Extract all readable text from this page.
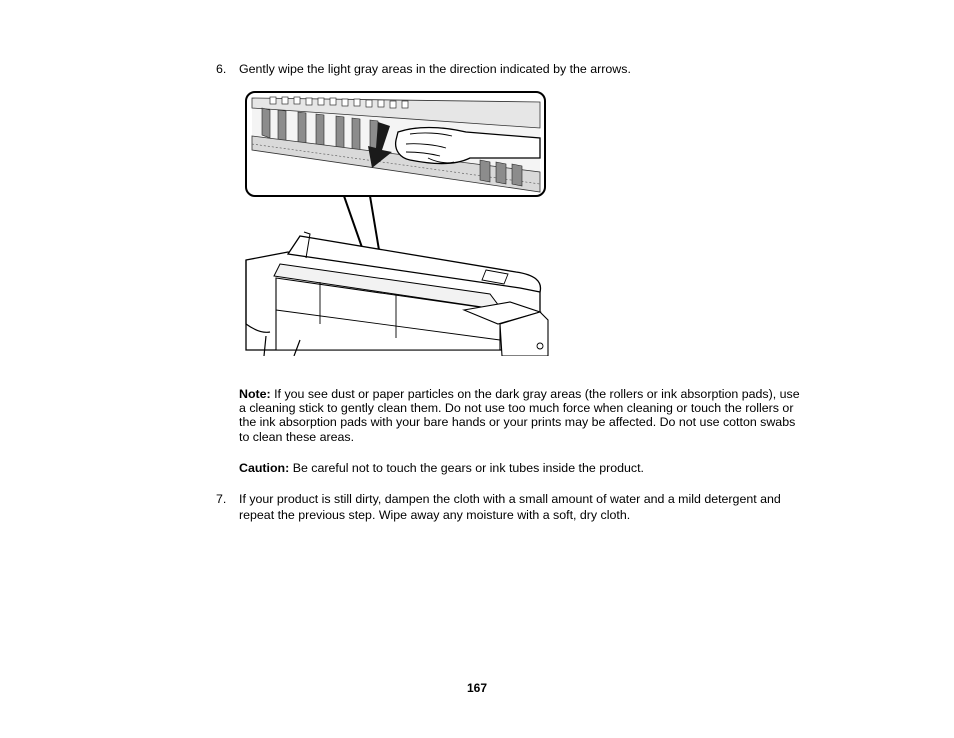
6. Gently wipe the light gray areas in the direction indicated by the arrows.
Note: If you see dust or paper particles on the dark gray areas (the rollers or ink absorption pads), use a cleaning stick to gently clean them. Do not use too much force when cleaning or touch the rollers or the ink absorption pads with your bare hands or your prints may be affected. Do not use cotton swabs to clean these areas.
Caution: Be careful not to touch the gears or ink tubes inside the product.
7. If your product is still dirty, dampen the cloth with a small amount of water and a mild detergent and repeat the previous step. Wipe away any moisture with a soft, dry cloth.
167
